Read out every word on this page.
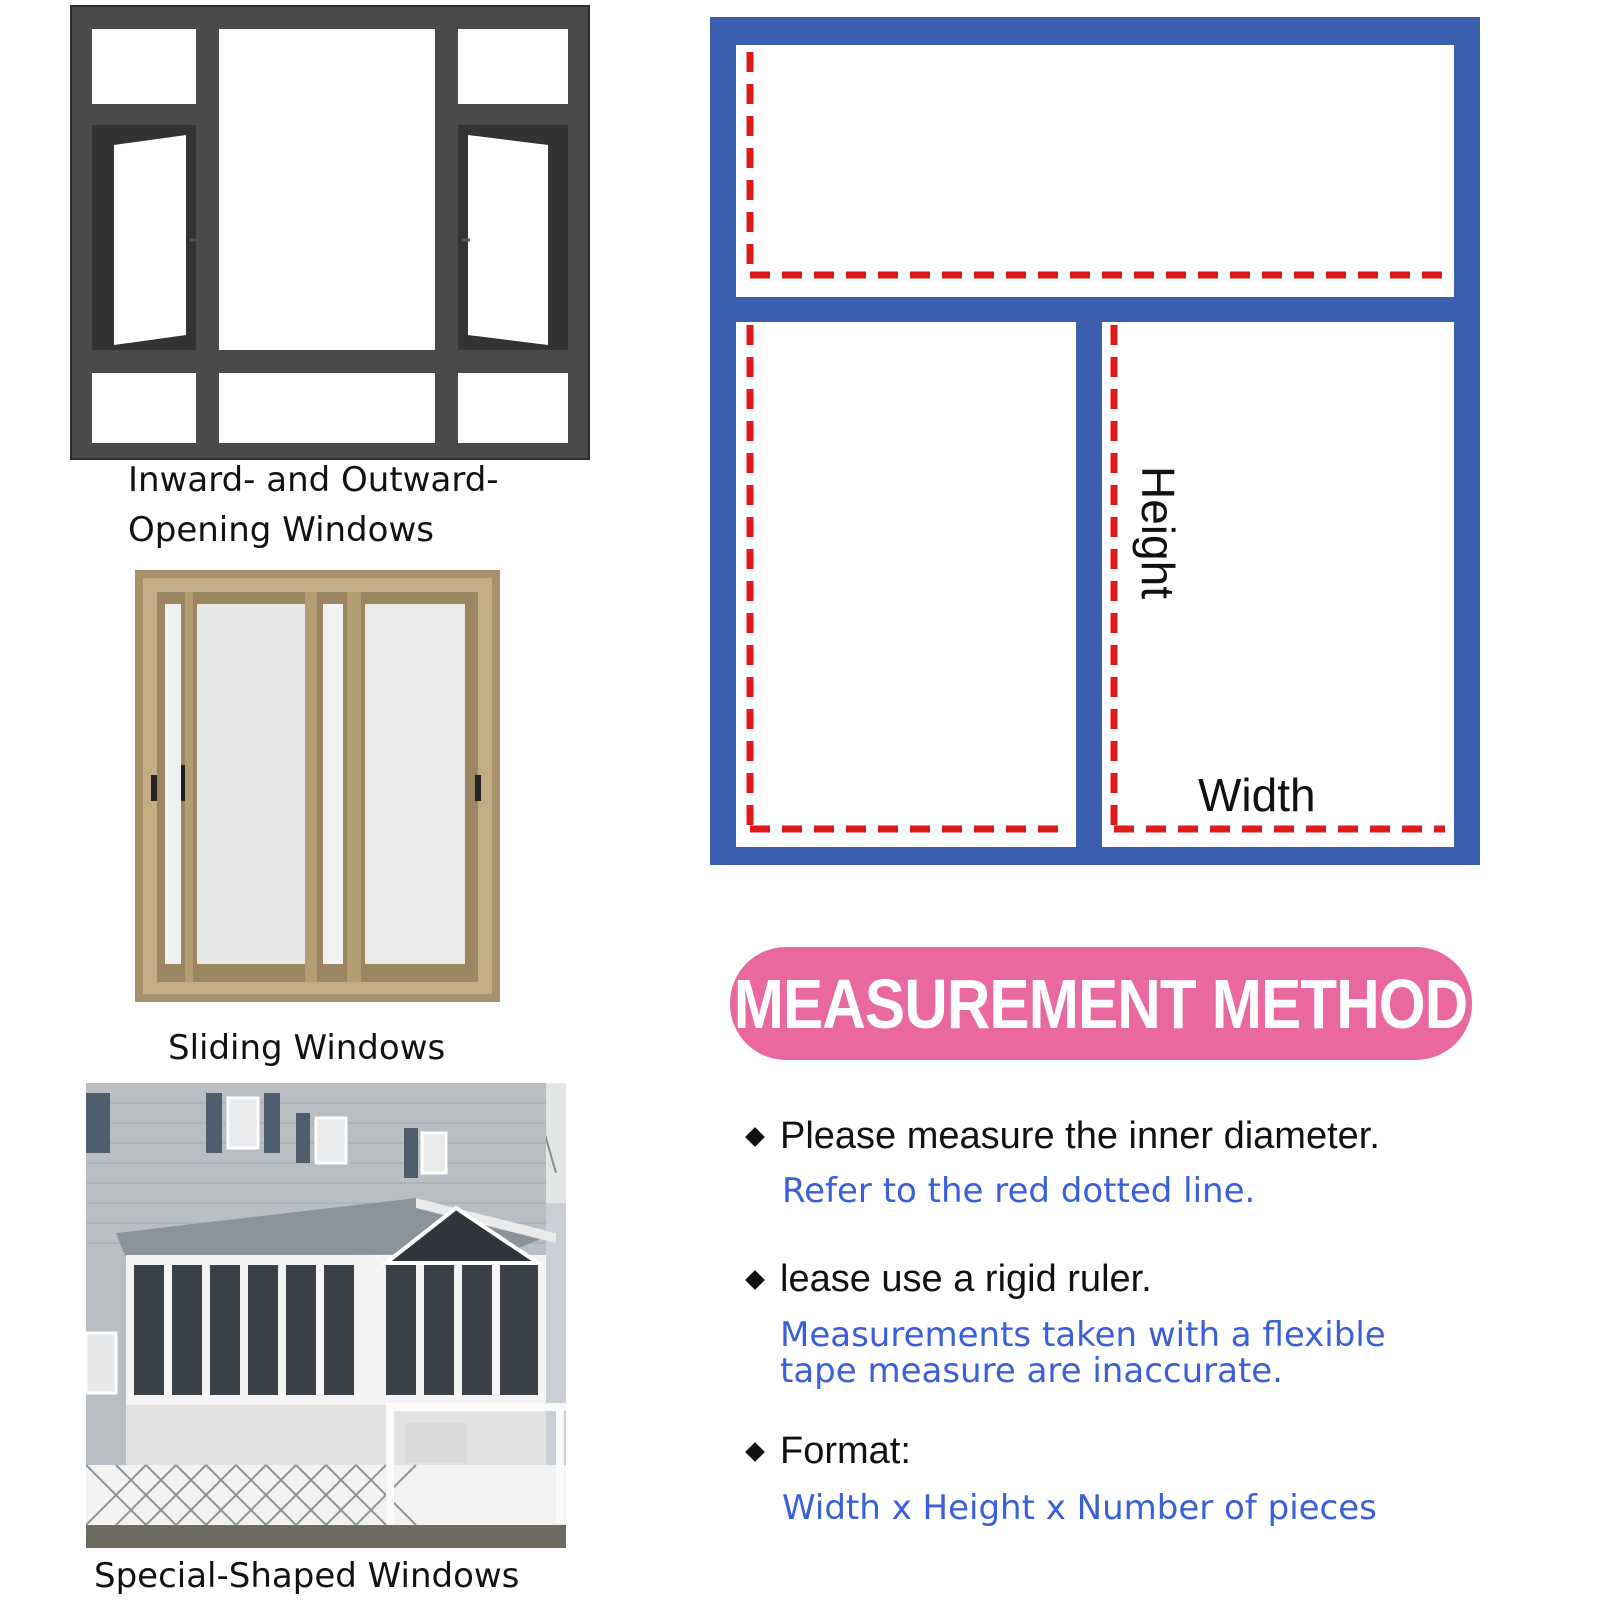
Inward- and Outward-
Opening Windows
Sliding Windows
Special-Shaped Windows
Height
Width
MEASUREMENT METHOD
Please measure the inner diameter.
Refer to the red dotted line.
lease use a rigid ruler.
Measurements taken with a flexible
tape measure are inaccurate.
Format:
Width x Height x Number of pieces
